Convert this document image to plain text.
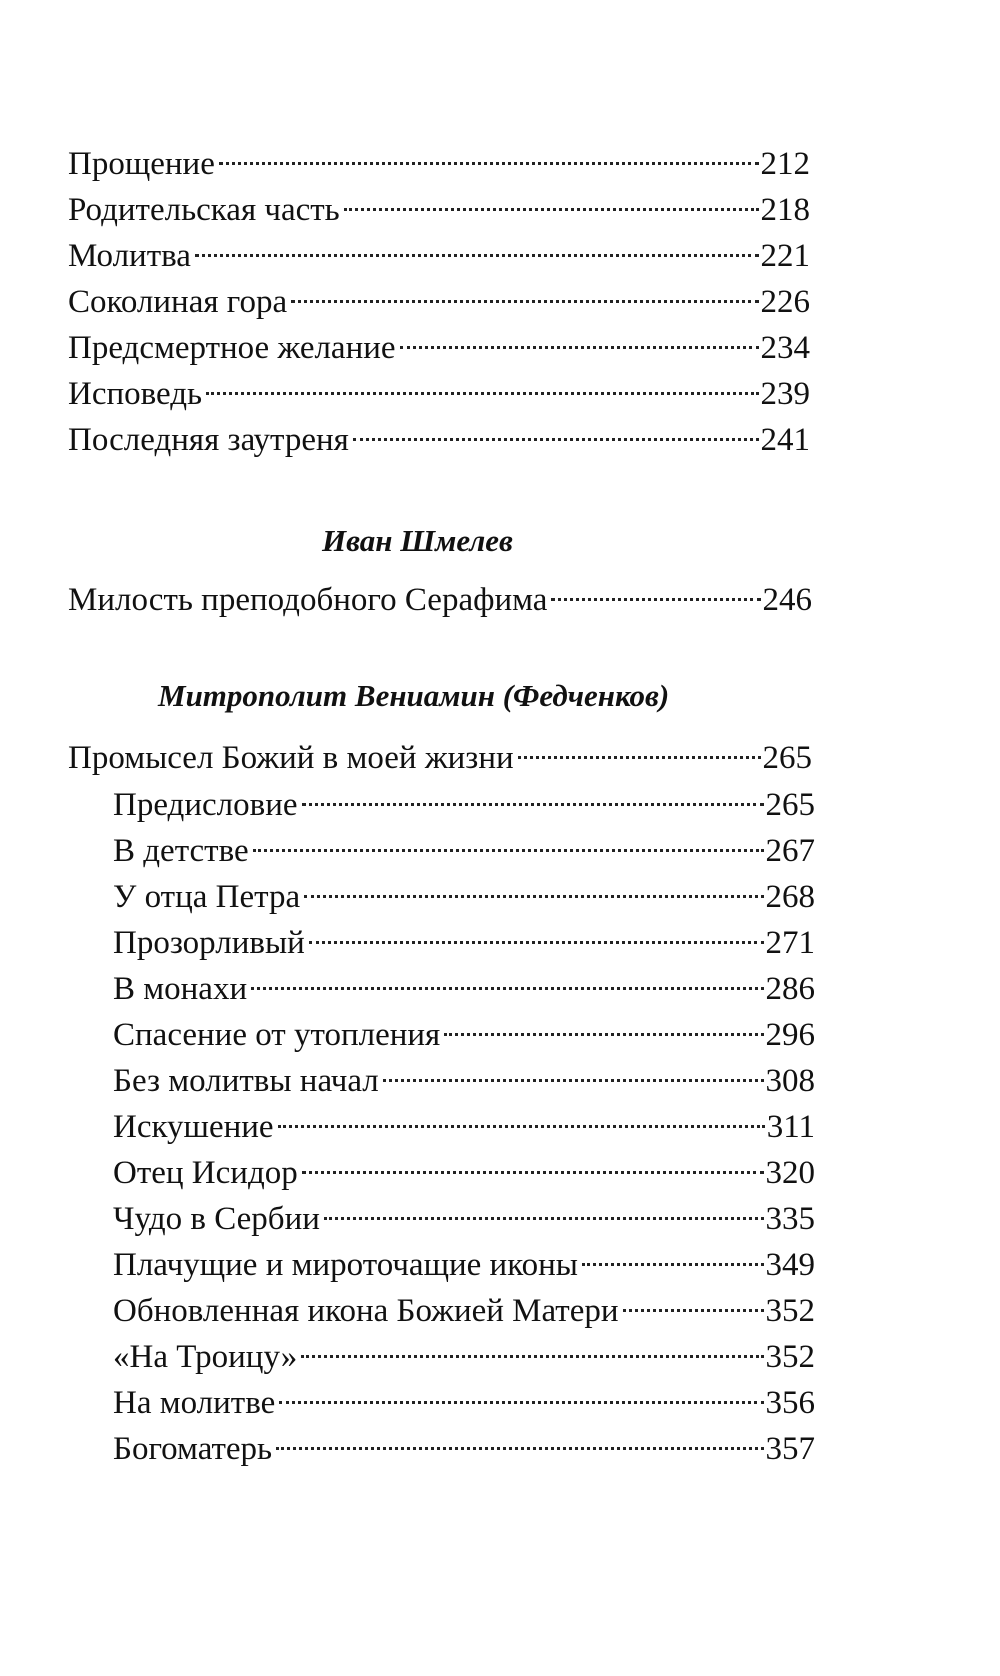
Прощение	212
Родительская часть	218
Молитва	221
Соколиная гора	226
Предсмертное желание	234
Исповедь	239
Последняя заутреня	241
Иван Шмелев
Милость преподобного Серафима	246
Митрополит Вениамин (Федченков)
Промысел Божий в моей жизни	265
Предисловие	265
В детстве	267
У отца Петра	268
Прозорливый	271
В монахи	286
Спасение от утопления	296
Без молитвы начал	308
Искушение	311
Отец Исидор	320
Чудо в Сербии	335
Плачущие и мироточащие иконы	349
Обновленная икона Божией Матери	352
«На Троицу»	352
На молитве	356
Богоматерь	357
